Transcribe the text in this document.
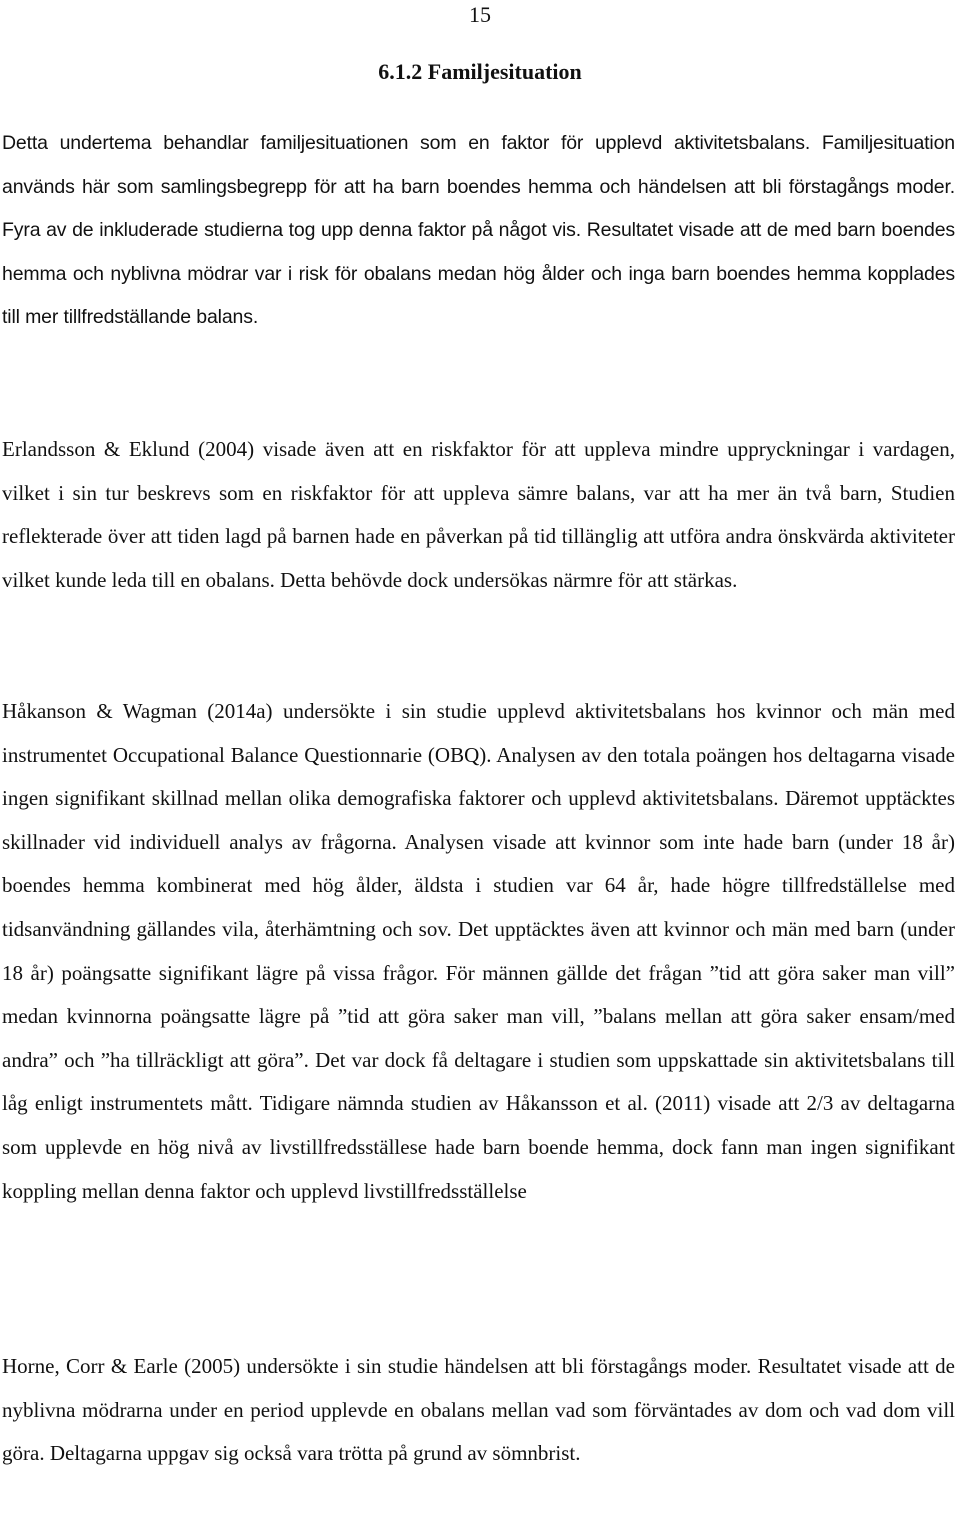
15
6.1.2 Familjesituation

Detta undertema behandlar familjesituationen som en faktor för upplevd aktivitetsbalans. Familjesituation används här som samlingsbegrepp för att ha barn boendes hemma och händelsen att bli förstagångs moder. Fyra av de inkluderade studierna tog upp denna faktor på något vis. Resultatet visade att de med barn boendes hemma och nyblivna mödrar var i risk för obalans medan hög ålder och inga barn boendes hemma kopplades till mer tillfredställande balans.

Erlandsson & Eklund (2004) visade även att en riskfaktor för att uppleva mindre uppryckningar i vardagen, vilket i sin tur beskrevs som en riskfaktor för att uppleva sämre balans, var att ha mer än två barn, Studien reflekterade över att tiden lagd på barnen hade en påverkan på tid tillänglig att utföra andra önskvärda aktiviteter vilket kunde leda till en obalans. Detta behövde dock undersökas närmre för att stärkas.

Håkanson & Wagman (2014a) undersökte i sin studie upplevd aktivitetsbalans hos kvinnor och män med instrumentet Occupational Balance Questionnarie (OBQ). Analysen av den totala poängen hos deltagarna visade ingen signifikant skillnad mellan olika demografiska faktorer och upplevd aktivitetsbalans. Däremot upptäcktes skillnader vid individuell analys av frågorna. Analysen visade att kvinnor som inte hade barn (under 18 år) boendes hemma kombinerat med hög ålder, äldsta i studien var 64 år, hade högre tillfredställelse med tidsanvändning gällandes vila, återhämtning och sov. Det upptäcktes även att kvinnor och män med barn (under 18 år) poängsatte signifikant lägre på vissa frågor. För männen gällde det frågan ”tid att göra saker man vill” medan kvinnorna poängsatte lägre på ”tid att göra saker man vill, ”balans mellan att göra saker ensam/med andra” och ”ha tillräckligt att göra”. Det var dock få deltagare i studien som uppskattade sin aktivitetsbalans till låg enligt instrumentets mått. Tidigare nämnda studien av Håkansson et al. (2011) visade att 2/3 av deltagarna som upplevde en hög nivå av livstillfredsställese hade barn boende hemma, dock fann man ingen signifikant koppling mellan denna faktor och upplevd livstillfredsställelse

Horne, Corr & Earle (2005) undersökte i sin studie händelsen att bli förstagångs moder. Resultatet visade att de nyblivna mödrarna under en period upplevde en obalans mellan vad som förväntades av dom och vad dom vill göra. Deltagarna uppgav sig också vara trötta på grund av sömnbrist.
